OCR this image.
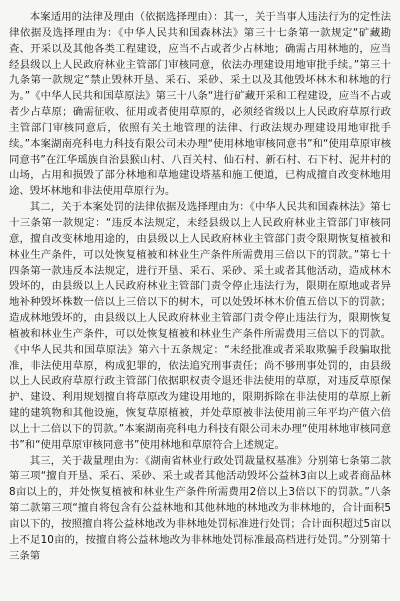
本案适用的法律及理由（依据选择理由）：其一，关于当事人违法行为的定性法律依据及选择理由为：《中华人民共和国森林法》第三十七条第一款规定“矿藏勘查、开采以及其他各类工程建设，应当不占或者少占林地；确需占用林地的，应当经县级以上人民政府林业主管部门审核同意，依法办理建设用地审批手续。”第三十九条第一款规定“禁止毁林开垦、采石、采砂、采土以及其他毁坏林木和林地的行为。”《中华人民共和国草原法》第三十八条“进行矿藏开采和工程建设，应当不占或者少占草原；确需征收、征用或者使用草原的，必须经省级以上人民政府草原行政主管部门审核同意后，依照有关土地管理的法律、行政法规办理建设用地审批手续。”本案湖南亮科电力科技有限公司未办理“使用林地审核同意书”和“使用草原审核同意书”在江华瑶族自治县猴山村、八百关村、仙石村、新石村、石下村、泥井村的山场，占用和损毁了部分林地和草地建设塔基和施工便道，已构成擅自改变林地用途、毁坏林地和非法使用草原行为。

其二，关于本案处罚的法律依据及选择理由为：《中华人民共和国森林法》第七十三条第一款规定：“违反本法规定，未经县级以上人民政府林业主管部门审核同意，擅自改变林地用途的，由县级以上人民政府林业主管部门责令限期恢复植被和林业生产条件，可以处恢复植被和林业生产条件所需费用三倍以下的罚款。”第七十四条第一款违反本法规定，进行开垦、采石、采砂、采土或者其他活动，造成林木毁坏的，由县级以上人民政府林业主管部门责令停止违法行为，限期在原地或者异地补种毁坏株数一倍以上三倍以下的树木，可以处毁坏林木价值五倍以下的罚款；造成林地毁坏的，由县级以上人民政府林业主管部门责令停止违法行为，限期恢复植被和林业生产条件，可以处恢复植被和林业生产条件所需费用三倍以下的罚款。《中华人民共和国草原法》第六十五条规定：“未经批准或者采取欺骗手段骗取批准，非法使用草原，构成犯罪的，依法追究刑事责任；尚不够刑事处罚的，由县级以上人民政府草原行政主管部门依据职权责令退还非法使用的草原，对违反草原保护、建设、利用规划擅自将草原改为建设用地的，限期拆除在非法使用的草原上新建的建筑物和其他设施，恢复草原植被，并处草原被非法使用前三年平均产值六倍以上十二倍以下的罚款。”本案湖南亮科电力科技有限公司未办理“使用林地审核同意书”和“使用草原审核同意书”使用林地和草原符合上述规定。

其三，关于裁量理由为：《湖南省林业行政处罚裁量权基准》分别第七条第二款第三项“擅自开垦、采石、采砂、采土或者其他活动毁坏公益林3亩以上或者商品林8亩以上的，并处恢复植被和林业生产条件所需费用2倍以上3倍以下的罚款。”八条第二款第三项“擅自将包含有公益林地和其他林地的林地改为非林地的，合计面积5亩以下的，按照擅自将公益林地改为非林地处罚标准进行处罚；合计面积超过5亩以上不足10亩的，按擅自将公益林地改为非林地处罚标准最高档进行处罚。”分别第十三条第
